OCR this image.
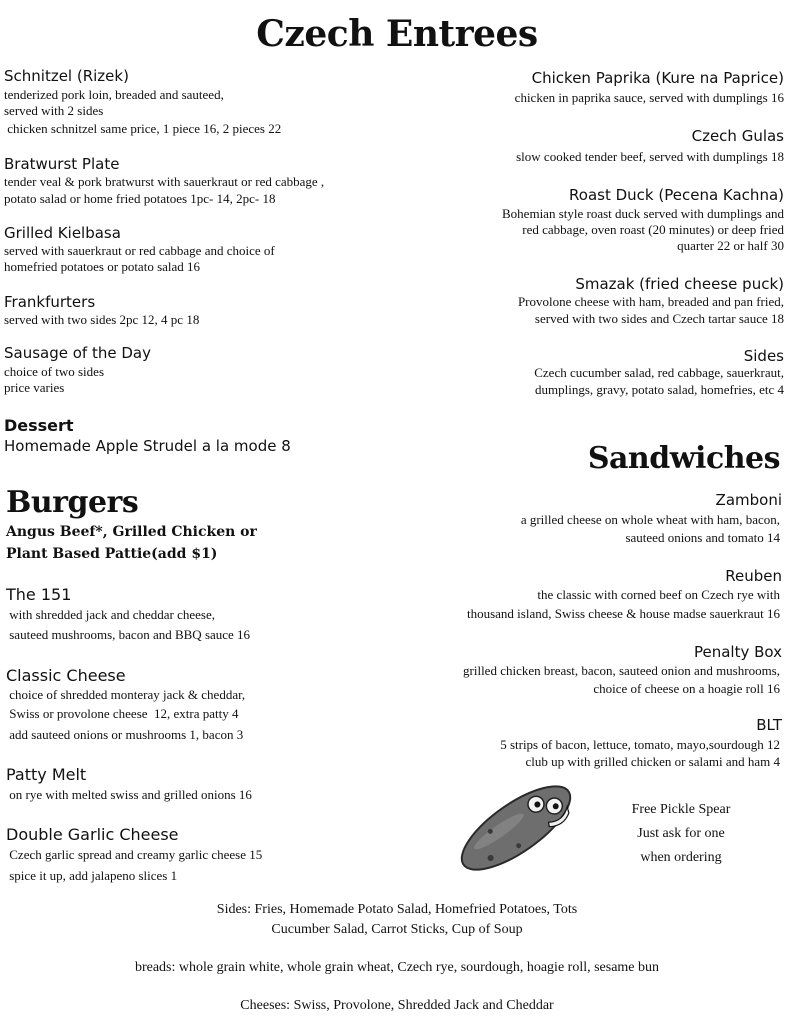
Czech Entrees
Schnitzel (Rizek)
tenderized pork loin, breaded and sauteed,
served with 2 sides
chicken schnitzel same price, 1 piece 16, 2 pieces 22
Bratwurst Plate
tender veal & pork bratwurst with sauerkraut or red cabbage ,
potato salad or home fried potatoes 1pc- 14, 2pc- 18
Grilled Kielbasa
served with sauerkraut or red cabbage and choice of
homefried potatoes or potato salad 16
Frankfurters
served with two sides 2pc 12, 4 pc 18
Sausage of the Day
choice of two sides
price varies
Dessert
Homemade Apple Strudel a la mode 8
Chicken Paprika (Kure na Paprice)
chicken in paprika sauce, served with dumplings 16
Czech Gulas
slow cooked tender beef, served with dumplings 18
Roast Duck (Pecena Kachna)
Bohemian style roast duck served with dumplings and
red cabbage, oven roast (20 minutes) or deep fried
quarter 22 or half 30
Smazak (fried cheese puck)
Provolone cheese with ham, breaded and pan fried,
served with two sides and Czech tartar sauce 18
Sides
Czech cucumber salad, red cabbage, sauerkraut,
dumplings, gravy, potato salad, homefries, etc 4
Sandwiches
Zamboni
a grilled cheese on whole wheat with ham, bacon,
sauteed onions and tomato 14
Reuben
the classic with corned beef on Czech rye with
thousand island, Swiss cheese & house madse sauerkraut 16
Penalty Box
grilled chicken breast, bacon, sauteed onion and mushrooms,
choice of cheese on a hoagie roll 16
BLT
5 strips of bacon, lettuce, tomato, mayo,sourdough 12
club up with grilled chicken or salami and ham 4
Burgers
Angus Beef*, Grilled Chicken or
Plant Based Pattie(add $1)
The 151
with shredded jack and cheddar cheese,
sauteed mushrooms, bacon and BBQ sauce 16
Classic Cheese
choice of shredded monteray jack & cheddar,
Swiss or provolone cheese  12, extra patty 4
add sauteed onions or mushrooms 1, bacon 3
Patty Melt
on rye with melted swiss and grilled onions 16
Double Garlic Cheese
Czech garlic spread and creamy garlic cheese 15
spice it up, add jalapeno slices 1
Free Pickle Spear
Just ask for one
when ordering
Sides: Fries, Homemade Potato Salad, Homefried Potatoes, Tots
Cucumber Salad, Carrot Sticks, Cup of Soup
breads: whole grain white, whole grain wheat, Czech rye, sourdough, hoagie roll, sesame bun
Cheeses: Swiss, Provolone, Shredded Jack and Cheddar
